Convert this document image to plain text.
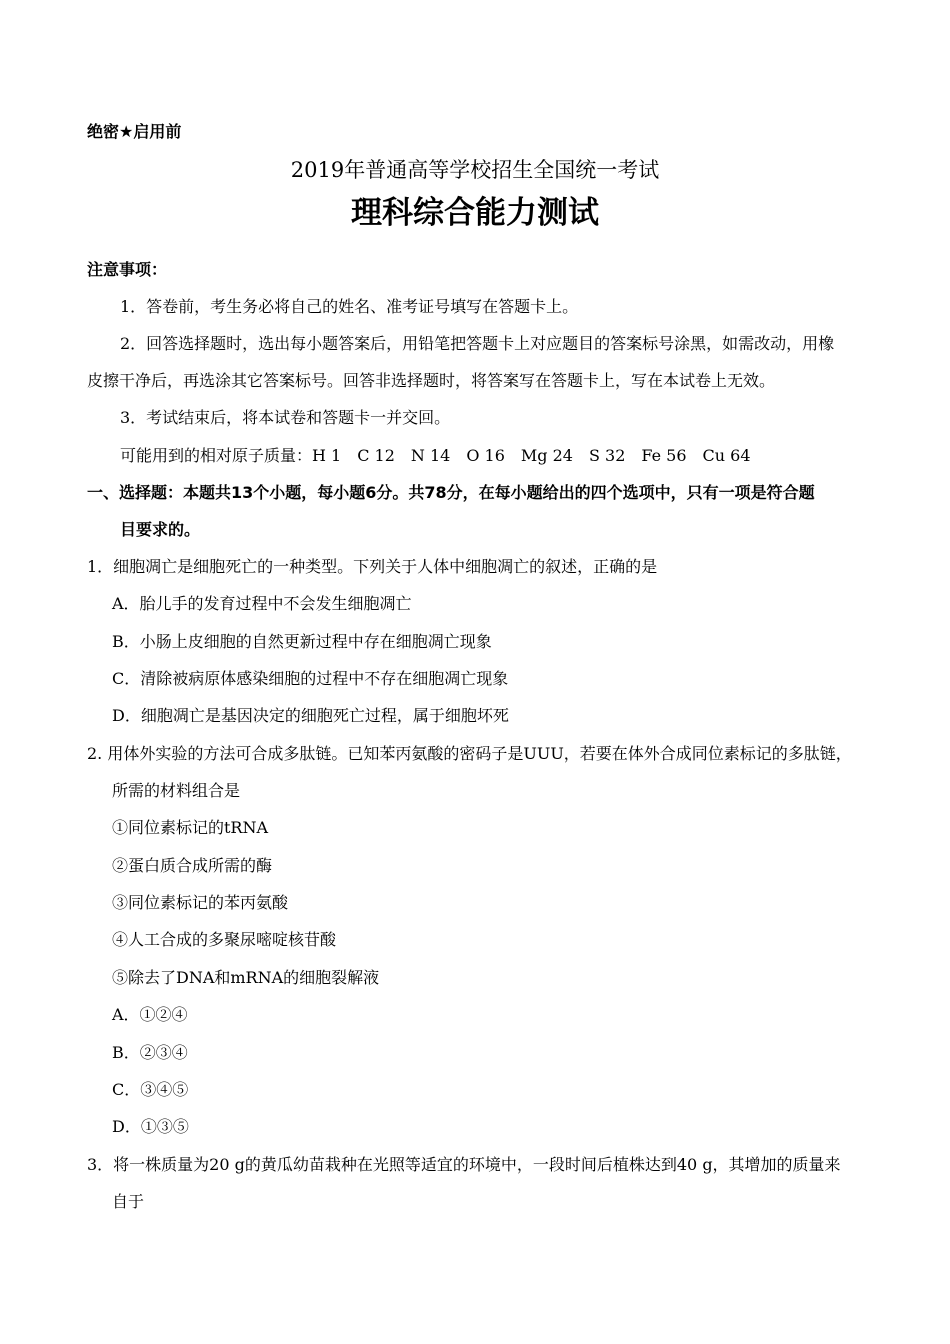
绝密★启用前
2019年普通高等学校招生全国统一考试
理科综合能力测试
注意事项：
1．答卷前，考生务必将自己的姓名、准考证号填写在答题卡上。
2．回答选择题时，选出每小题答案后，用铅笔把答题卡上对应题目的答案标号涂黑，如需改动，用橡
皮擦干净后，再选涂其它答案标号。回答非选择题时，将答案写在答题卡上，写在本试卷上无效。
3．考试结束后，将本试卷和答题卡一并交回。
可能用到的相对原子质量：H 1　C 12　N 14　O 16　Mg 24　S 32　Fe 56　Cu 64
一、选择题：本题共13个小题，每小题6分。共78分，在每小题给出的四个选项中，只有一项是符合题
目要求的。
1．细胞凋亡是细胞死亡的一种类型。下列关于人体中细胞凋亡的叙述，正确的是
A．胎儿手的发育过程中不会发生细胞凋亡
B．小肠上皮细胞的自然更新过程中存在细胞凋亡现象
C．清除被病原体感染细胞的过程中不存在细胞凋亡现象
D．细胞凋亡是基因决定的细胞死亡过程，属于细胞坏死
2. 用体外实验的方法可合成多肽链。已知苯丙氨酸的密码子是UUU，若要在体外合成同位素标记的多肽链，
所需的材料组合是
①同位素标记的tRNA
②蛋白质合成所需的酶
③同位素标记的苯丙氨酸
④人工合成的多聚尿嘧啶核苷酸
⑤除去了DNA和mRNA的细胞裂解液
A．①②④
B．②③④
C．③④⑤
D．①③⑤
3．将一株质量为20 g的黄瓜幼苗栽种在光照等适宜的环境中，一段时间后植株达到40 g，其增加的质量来
自于
